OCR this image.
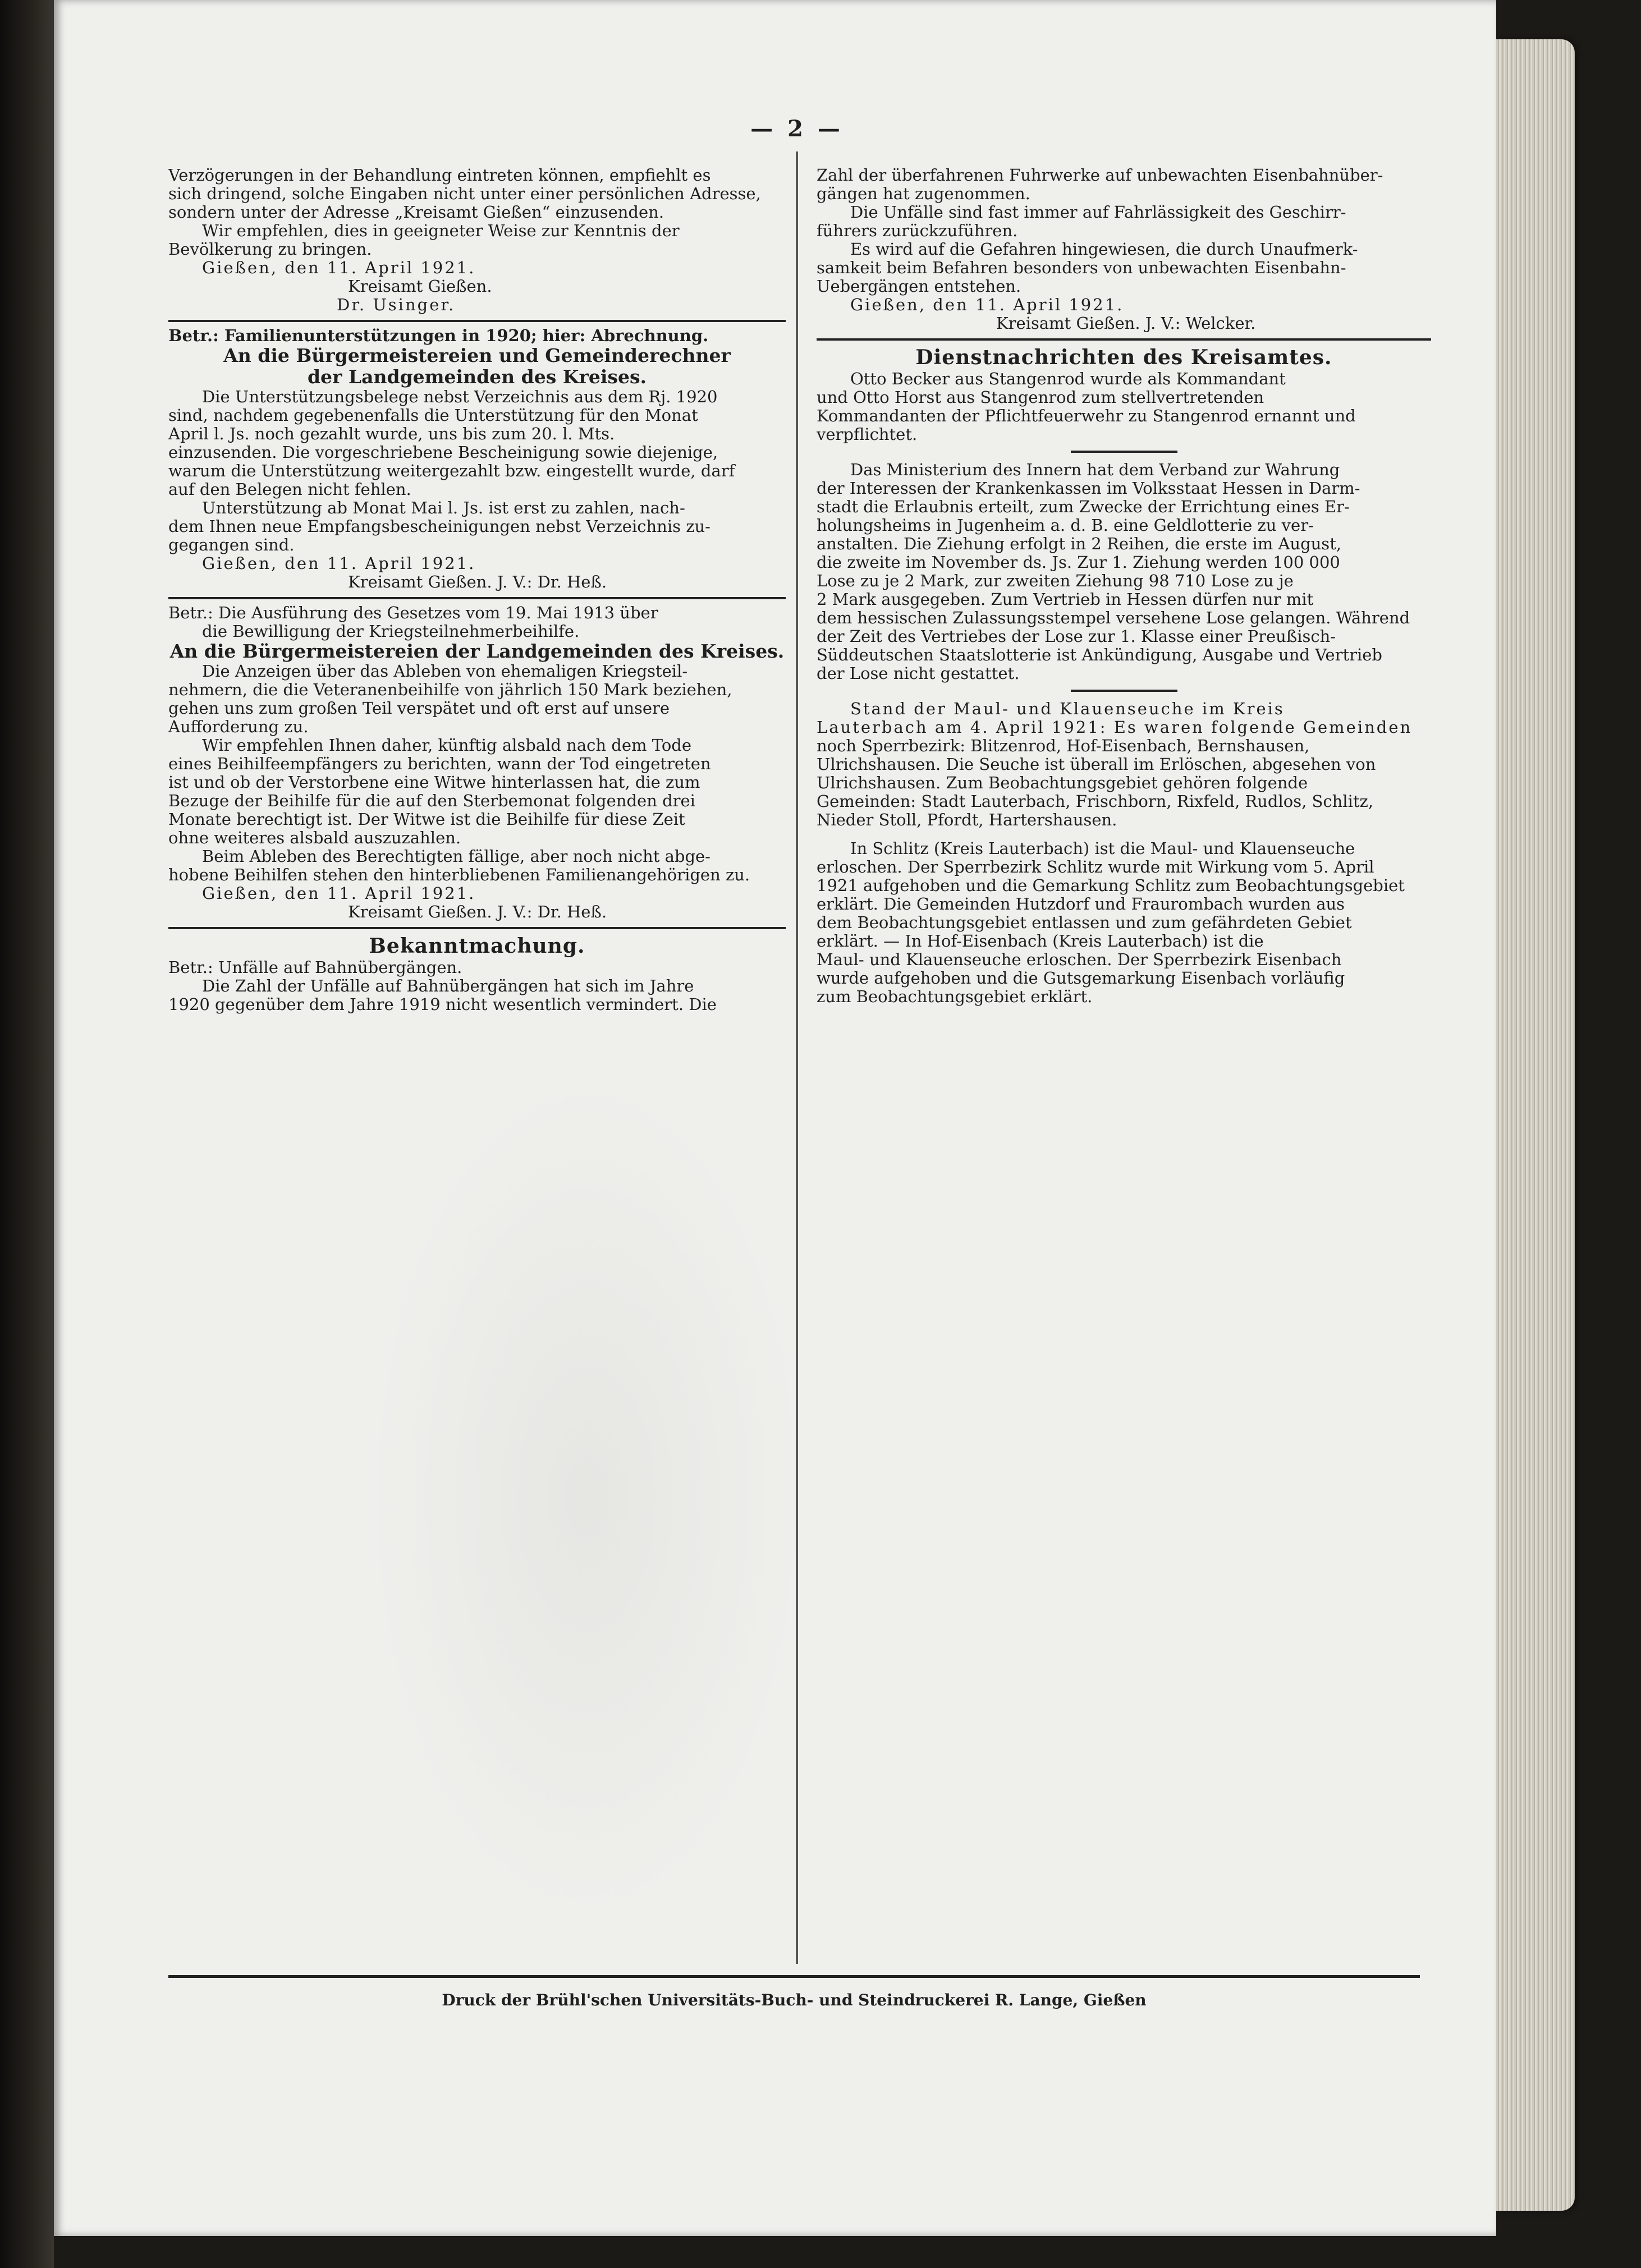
— 2 —
Verzögerungen in der Behandlung eintreten können, empfiehlt es
sich dringend, solche Eingaben nicht unter einer persönlichen Adresse,
sondern unter der Adresse „Kreisamt Gießen“ einzusenden.
Wir empfehlen, dies in geeigneter Weise zur Kenntnis der
Bevölkerung zu bringen.
Gießen, den 11. April 1921.
Kreisamt Gießen.
Dr. Usinger.
Betr.: Familienunterstützungen in 1920; hier: Abrechnung.
An die Bürgermeistereien und Gemeinderechner
der Landgemeinden des Kreises.
Die Unterstützungsbelege nebst Verzeichnis aus dem Rj. 1920
sind, nachdem gegebenenfalls die Unterstützung für den Monat
April l. Js. noch gezahlt wurde, uns bis zum 20. l. Mts.
einzusenden. Die vorgeschriebene Bescheinigung sowie diejenige,
warum die Unterstützung weitergezahlt bzw. eingestellt wurde, darf
auf den Belegen nicht fehlen.
Unterstützung ab Monat Mai l. Js. ist erst zu zahlen, nach-
dem Ihnen neue Empfangsbescheinigungen nebst Verzeichnis zu-
gegangen sind.
Gießen, den 11. April 1921.
Kreisamt Gießen. J. V.: Dr. Heß.
Betr.: Die Ausführung des Gesetzes vom 19. Mai 1913 über
die Bewilligung der Kriegsteilnehmerbeihilfe.
An die Bürgermeistereien der Landgemeinden des Kreises.
Die Anzeigen über das Ableben von ehemaligen Kriegsteil-
nehmern, die die Veteranenbeihilfe von jährlich 150 Mark beziehen,
gehen uns zum großen Teil verspätet und oft erst auf unsere
Aufforderung zu.
Wir empfehlen Ihnen daher, künftig alsbald nach dem Tode
eines Beihilfeempfängers zu berichten, wann der Tod eingetreten
ist und ob der Verstorbene eine Witwe hinterlassen hat, die zum
Bezuge der Beihilfe für die auf den Sterbemonat folgenden drei
Monate berechtigt ist. Der Witwe ist die Beihilfe für diese Zeit
ohne weiteres alsbald auszuzahlen.
Beim Ableben des Berechtigten fällige, aber noch nicht abge-
hobene Beihilfen stehen den hinterbliebenen Familienangehörigen zu.
Gießen, den 11. April 1921.
Kreisamt Gießen. J. V.: Dr. Heß.
Bekanntmachung.
Betr.: Unfälle auf Bahnübergängen.
Die Zahl der Unfälle auf Bahnübergängen hat sich im Jahre
1920 gegenüber dem Jahre 1919 nicht wesentlich vermindert. Die
Zahl der überfahrenen Fuhrwerke auf unbewachten Eisenbahnüber-
gängen hat zugenommen.
Die Unfälle sind fast immer auf Fahrlässigkeit des Geschirr-
führers zurückzuführen.
Es wird auf die Gefahren hingewiesen, die durch Unaufmerk-
samkeit beim Befahren besonders von unbewachten Eisenbahn-
Uebergängen entstehen.
Gießen, den 11. April 1921.
Kreisamt Gießen. J. V.: Welcker.
Dienstnachrichten des Kreisamtes.
Otto Becker aus Stangenrod wurde als Kommandant
und Otto Horst aus Stangenrod zum stellvertretenden
Kommandanten der Pflichtfeuerwehr zu Stangenrod ernannt und
verpflichtet.
Das Ministerium des Innern hat dem Verband zur Wahrung
der Interessen der Krankenkassen im Volksstaat Hessen in Darm-
stadt die Erlaubnis erteilt, zum Zwecke der Errichtung eines Er-
holungsheims in Jugenheim a. d. B. eine Geldlotterie zu ver-
anstalten. Die Ziehung erfolgt in 2 Reihen, die erste im August,
die zweite im November ds. Js. Zur 1. Ziehung werden 100 000
Lose zu je 2 Mark, zur zweiten Ziehung 98 710 Lose zu je
2 Mark ausgegeben. Zum Vertrieb in Hessen dürfen nur mit
dem hessischen Zulassungsstempel versehene Lose gelangen. Während
der Zeit des Vertriebes der Lose zur 1. Klasse einer Preußisch-
Süddeutschen Staatslotterie ist Ankündigung, Ausgabe und Vertrieb
der Lose nicht gestattet.
Stand der Maul- und Klauenseuche im Kreis
Lauterbach am 4. April 1921: Es waren folgende Gemeinden
noch Sperrbezirk: Blitzenrod, Hof-Eisenbach, Bernshausen,
Ulrichshausen. Die Seuche ist überall im Erlöschen, abgesehen von
Ulrichshausen. Zum Beobachtungsgebiet gehören folgende
Gemeinden: Stadt Lauterbach, Frischborn, Rixfeld, Rudlos, Schlitz,
Nieder Stoll, Pfordt, Hartershausen.
In Schlitz (Kreis Lauterbach) ist die Maul- und Klauenseuche
erloschen. Der Sperrbezirk Schlitz wurde mit Wirkung vom 5. April
1921 aufgehoben und die Gemarkung Schlitz zum Beobachtungsgebiet
erklärt. Die Gemeinden Hutzdorf und Fraurombach wurden aus
dem Beobachtungsgebiet entlassen und zum gefährdeten Gebiet
erklärt. — In Hof-Eisenbach (Kreis Lauterbach) ist die
Maul- und Klauenseuche erloschen. Der Sperrbezirk Eisenbach
wurde aufgehoben und die Gutsgemarkung Eisenbach vorläufig
zum Beobachtungsgebiet erklärt.
Druck der Brühl'schen Universitäts-Buch- und Steindruckerei R. Lange, Gießen
